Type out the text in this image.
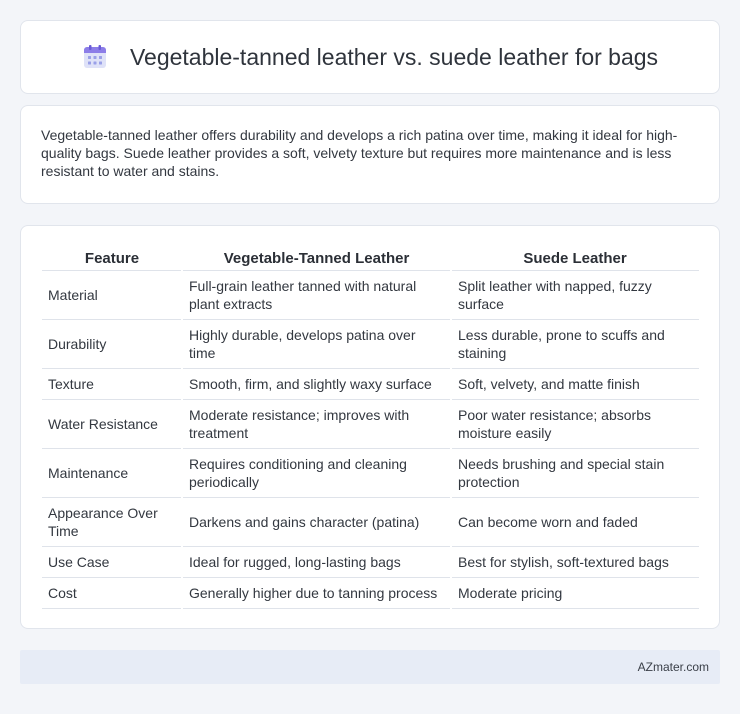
Vegetable-tanned leather vs. suede leather for bags

Vegetable-tanned leather offers durability and develops a rich patina over time, making it ideal for high-quality bags. Suede leather provides a soft, velvety texture but requires more maintenance and is less resistant to water and stains.

Feature	Vegetable-Tanned Leather	Suede Leather
Material	Full-grain leather tanned with natural plant extracts	Split leather with napped, fuzzy surface
Durability	Highly durable, develops patina over time	Less durable, prone to scuffs and staining
Texture	Smooth, firm, and slightly waxy surface	Soft, velvety, and matte finish
Water Resistance	Moderate resistance; improves with treatment	Poor water resistance; absorbs moisture easily
Maintenance	Requires conditioning and cleaning periodically	Needs brushing and special stain protection
Appearance Over Time	Darkens and gains character (patina)	Can become worn and faded
Use Case	Ideal for rugged, long-lasting bags	Best for stylish, soft-textured bags
Cost	Generally higher due to tanning process	Moderate pricing
AZmater.com
